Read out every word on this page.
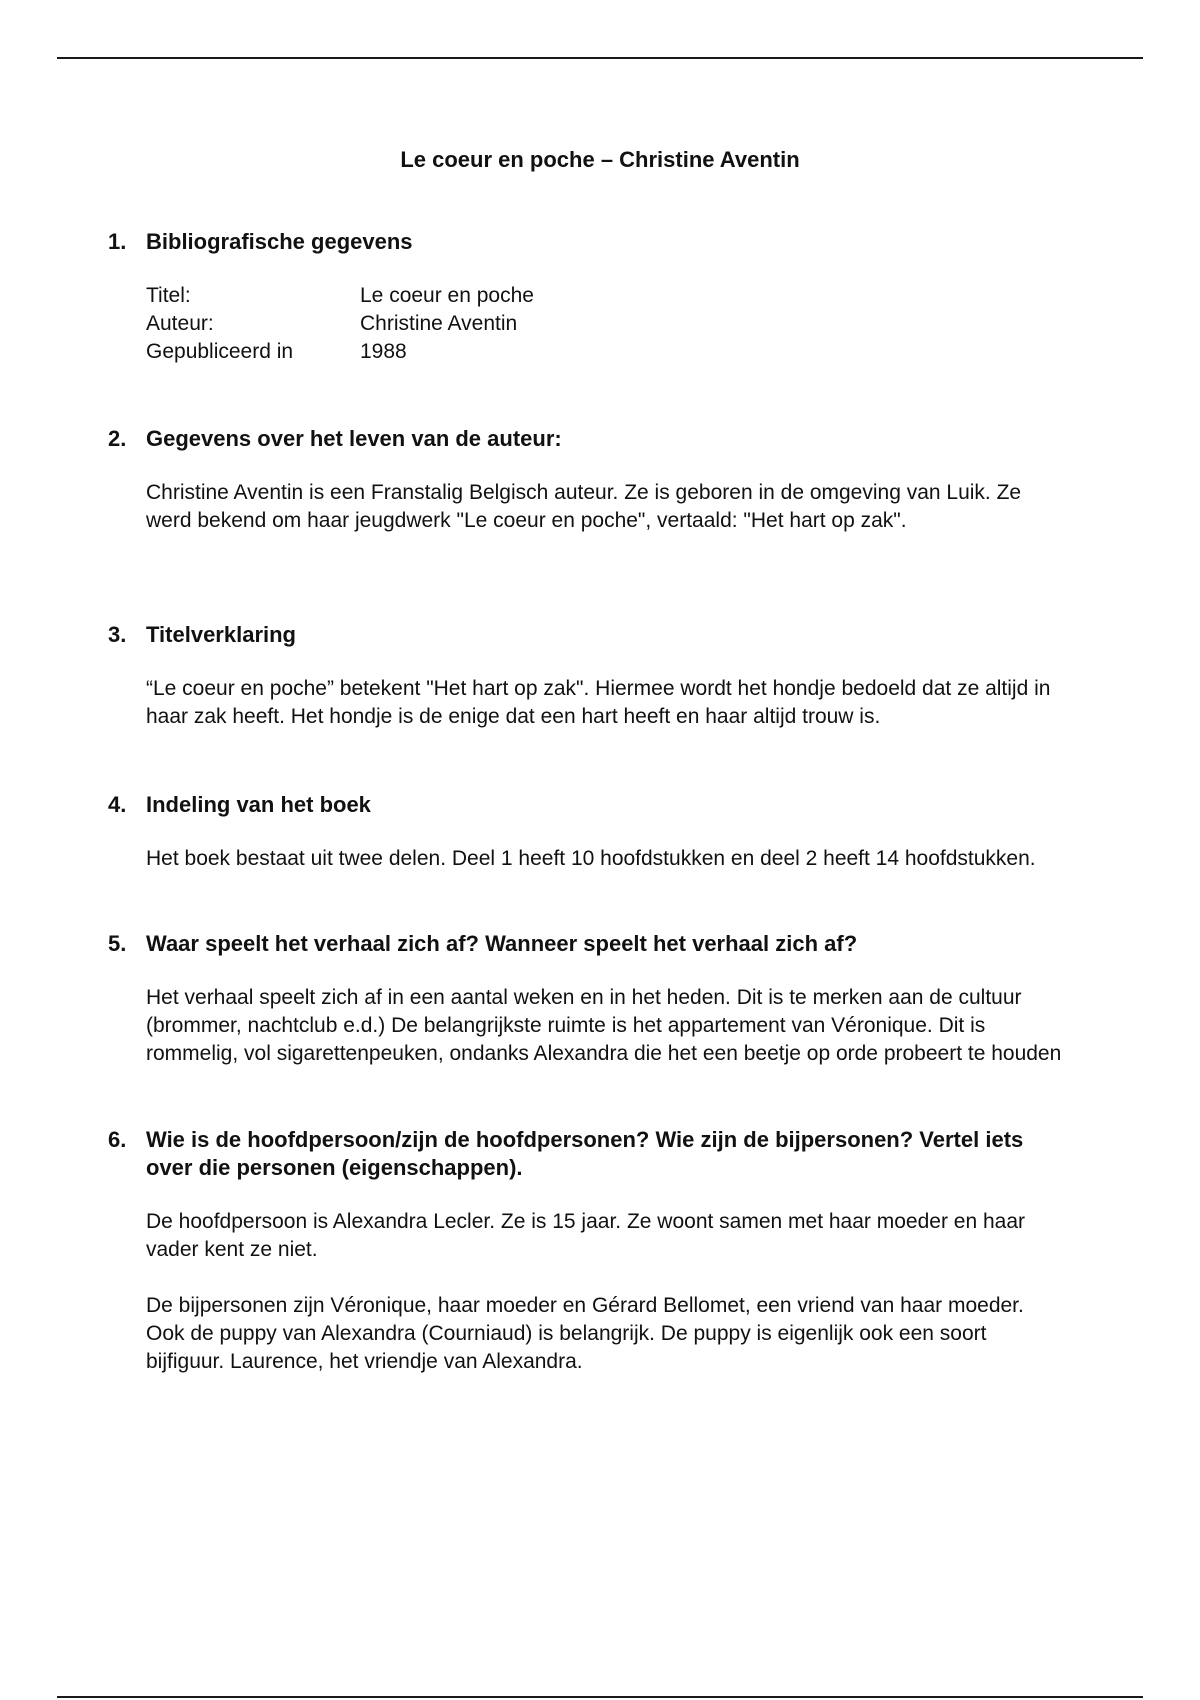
Le coeur en poche – Christine Aventin
1. Bibliografische gegevens
Titel:	Le coeur en poche
Auteur:	Christine Aventin
Gepubliceerd in	1988
2. Gegevens over het leven van de auteur:

Christine Aventin is een Franstalig Belgisch auteur. Ze is geboren in de omgeving van Luik. Ze werd bekend om haar jeugdwerk "Le coeur en poche", vertaald: "Het hart op zak".

3. Titelverklaring

“Le coeur en poche” betekent "Het hart op zak". Hiermee wordt het hondje bedoeld dat ze altijd in haar zak heeft. Het hondje is de enige dat een hart heeft en haar altijd trouw is.

4. Indeling van het boek

Het boek bestaat uit twee delen. Deel 1 heeft 10 hoofdstukken en deel 2 heeft 14 hoofdstukken.

5. Waar speelt het verhaal zich af? Wanneer speelt het verhaal zich af?

Het verhaal speelt zich af in een aantal weken en in het heden. Dit is te merken aan de cultuur (brommer, nachtclub e.d.) De belangrijkste ruimte is het appartement van Véronique. Dit is rommelig, vol sigarettenpeuken, ondanks Alexandra die het een beetje op orde probeert te houden

6. Wie is de hoofdpersoon/zijn de hoofdpersonen? Wie zijn de bijpersonen? Vertel iets over die personen (eigenschappen).

De hoofdpersoon is Alexandra Lecler. Ze is 15 jaar. Ze woont samen met haar moeder en haar vader kent ze niet.

De bijpersonen zijn Véronique, haar moeder en Gérard Bellomet, een vriend van haar moeder. Ook de puppy van Alexandra (Courniaud) is belangrijk. De puppy is eigenlijk ook een soort bijfiguur. Laurence, het vriendje van Alexandra.
